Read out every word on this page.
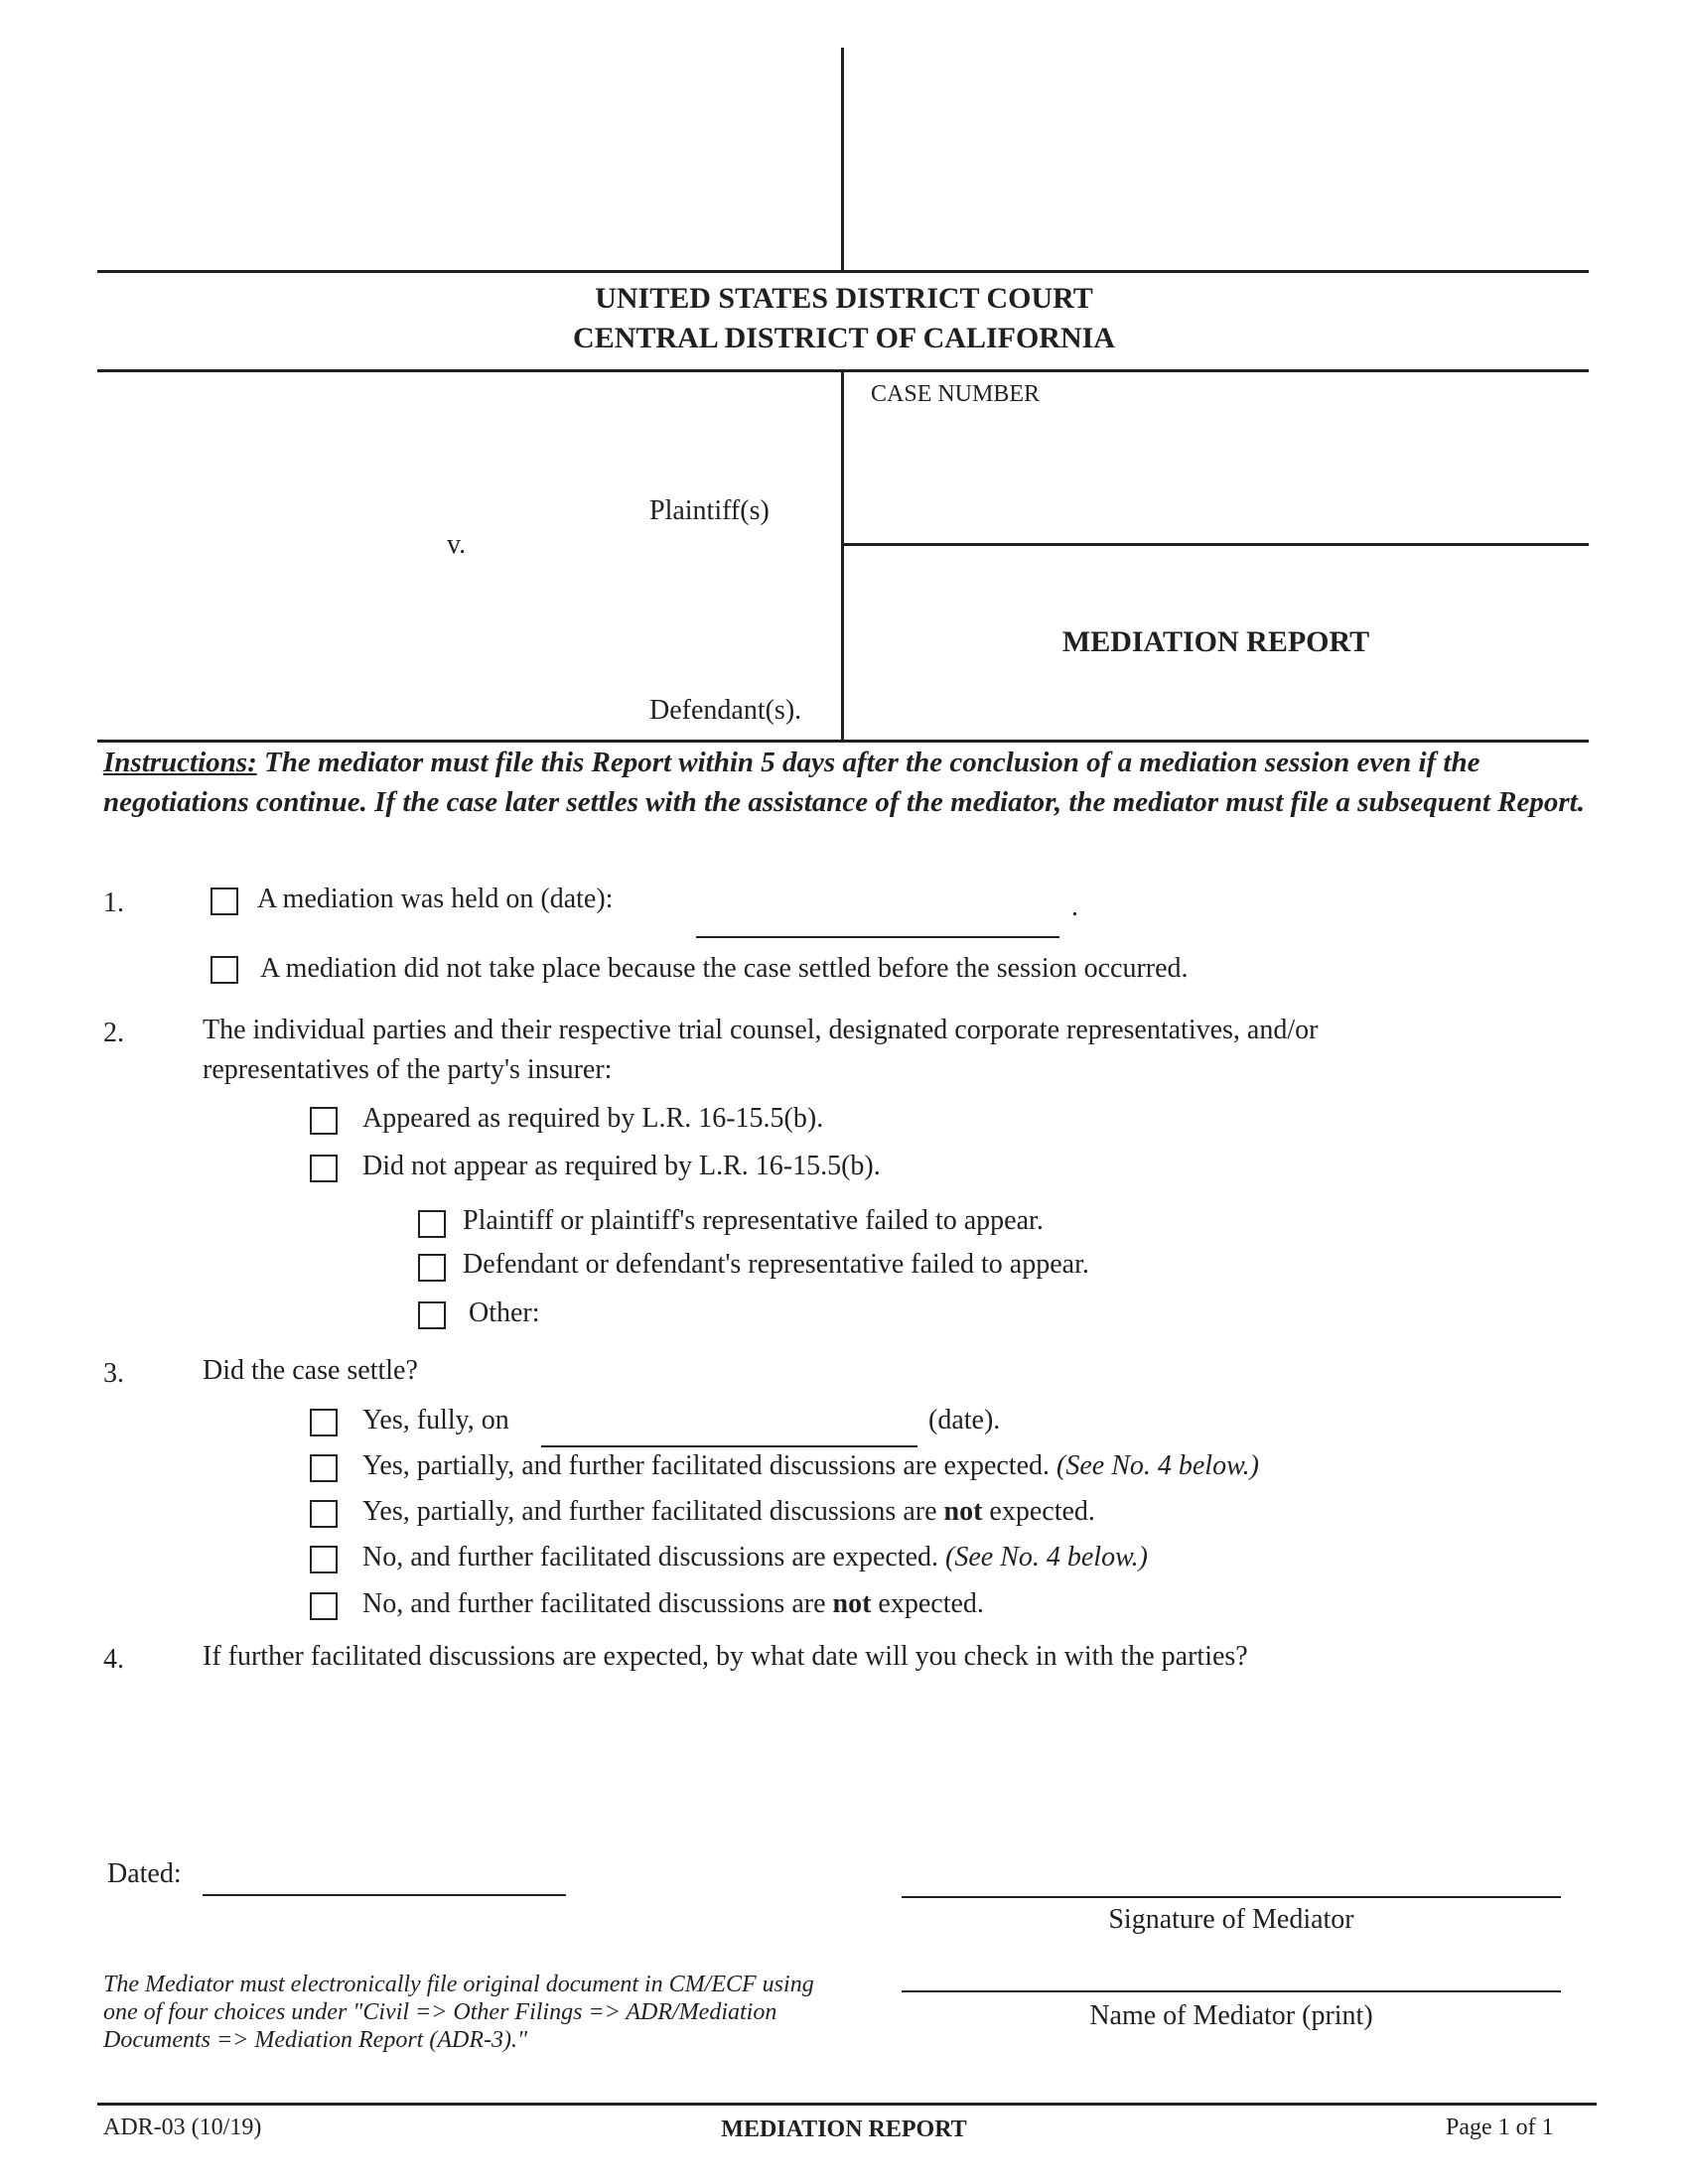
UNITED STATES DISTRICT COURT
CENTRAL DISTRICT OF CALIFORNIA
CASE NUMBER
Plaintiff(s)
v.
Defendant(s).
MEDIATION REPORT
Instructions: The mediator must file this Report within 5 days after the conclusion of a mediation session even if the negotiations continue. If the case later settles with the assistance of the mediator, the mediator must file a subsequent Report.
1.	A mediation was held on (date):	.
A mediation did not take place because the case settled before the session occurred.
2.	The individual parties and their respective trial counsel, designated corporate representatives, and/or
representatives of the party's insurer:
Appeared as required by L.R. 16-15.5(b).
Did not appear as required by L.R. 16-15.5(b).
Plaintiff or plaintiff's representative failed to appear.
Defendant or defendant's representative failed to appear.
Other:
3.	Did the case settle?
Yes, fully, on	(date).
Yes, partially, and further facilitated discussions are expected. (See No. 4 below.)
Yes, partially, and further facilitated discussions are not expected.
No, and further facilitated discussions are expected. (See No. 4 below.)
No, and further facilitated discussions are not expected.
4.	If further facilitated discussions are expected, by what date will you check in with the parties?
Dated:
Signature of Mediator
Name of Mediator (print)
The Mediator must electronically file original document in CM/ECF using one of four choices under "Civil => Other Filings => ADR/Mediation Documents => Mediation Report (ADR-3)."
ADR-03 (10/19)	MEDIATION REPORT	Page 1 of 1
